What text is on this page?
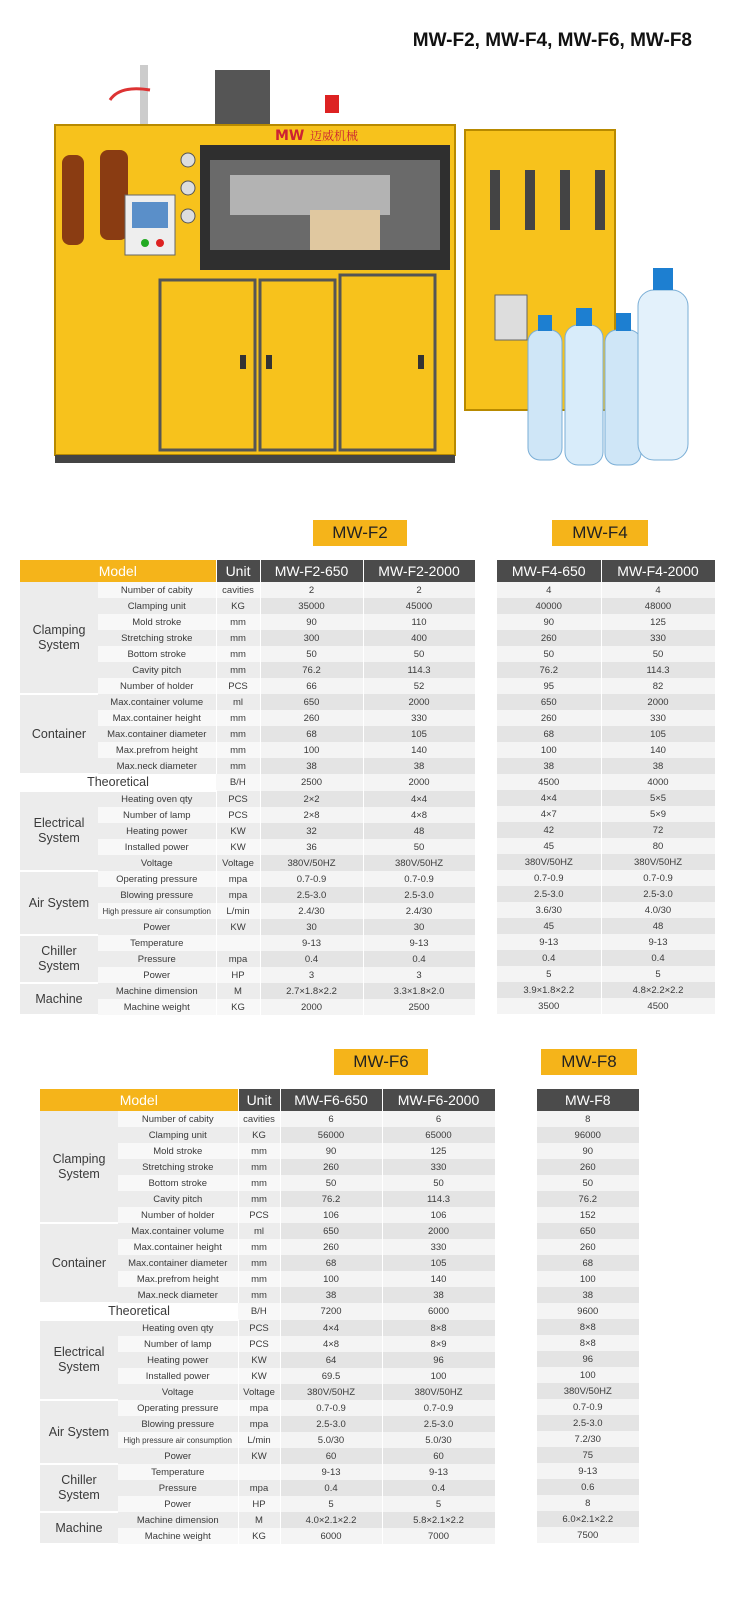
MW-F2, MW-F4, MW-F6, MW-F8
MW 迈威机械
MW-F2	MW-F4
MW-F6	MW-F8
Model		Unit	MW-F2-650	MW-F2-2000
Clamping System	Number of cabity	cavities	2	2
	Clamping unit	KG	35000	45000
	Mold stroke	mm	90	110
	Stretching stroke	mm	300	400
	Bottom stroke	mm	50	50
	Cavity pitch	mm	76.2	114.3
	Number of holder	PCS	66	52
Container	Max.container volume	ml	650	2000
	Max.container height	mm	260	330
	Max.container diameter	mm	68	105
	Max.prefrom height	mm	100	140
	Max.neck diameter	mm	38	38
Theoretical		B/H	2500	2000
Electrical System	Heating oven qty	PCS	2×2	4×4
	Number of lamp	PCS	2×8	4×8
	Heating power	KW	32	48
	Installed power	KW	36	50
	Voltage	Voltage	380V/50HZ	380V/50HZ
Air System	Operating pressure	mpa	0.7-0.9	0.7-0.9
	Blowing pressure	mpa	2.5-3.0	2.5-3.0
	High pressure air consumption	L/min	2.4/30	2.4/30
	Power	KW	30	30
Chiller System	Temperature		9-13	9-13
	Pressure	mpa	0.4	0.4
	Power	HP	3	3
Machine	Machine dimension	M	2.7×1.8×2.2	3.3×1.8×2.0
	Machine weight	KG	2000	2500
MW-F4-650	MW-F4-2000
4	4
40000	48000
90	125
260	330
50	50
76.2	114.3
95	82
650	2000
260	330
68	105
100	140
38	38
4500	4000
4×4	5×5
4×7	5×9
42	72
45	80
380V/50HZ	380V/50HZ
0.7-0.9	0.7-0.9
2.5-3.0	2.5-3.0
3.6/30	4.0/30
45	48
9-13	9-13
0.4	0.4
5	5
3.9×1.8×2.2	4.8×2.2×2.2
3500	4500
Model		Unit	MW-F6-650	MW-F6-2000
Clamping System	Number of cabity	cavities	6	6
	Clamping unit	KG	56000	65000
	Mold stroke	mm	90	125
	Stretching stroke	mm	260	330
	Bottom stroke	mm	50	50
	Cavity pitch	mm	76.2	114.3
	Number of holder	PCS	106	106
Container	Max.container volume	ml	650	2000
	Max.container height	mm	260	330
	Max.container diameter	mm	68	105
	Max.prefrom height	mm	100	140
	Max.neck diameter	mm	38	38
Theoretical		B/H	7200	6000
Electrical System	Heating oven qty	PCS	4×4	8×8
	Number of lamp	PCS	4×8	8×9
	Heating power	KW	64	96
	Installed power	KW	69.5	100
	Voltage	Voltage	380V/50HZ	380V/50HZ
Air System	Operating pressure	mpa	0.7-0.9	0.7-0.9
	Blowing pressure	mpa	2.5-3.0	2.5-3.0
	High pressure air consumption	L/min	5.0/30	5.0/30
	Power	KW	60	60
Chiller System	Temperature		9-13	9-13
	Pressure	mpa	0.4	0.4
	Power	HP	5	5
Machine	Machine dimension	M	4.0×2.1×2.2	5.8×2.1×2.2
	Machine weight	KG	6000	7000
MW-F8
8
96000
90
260
50
76.2
152
650
260
68
100
38
9600
8×8
8×8
96
100
380V/50HZ
0.7-0.9
2.5-3.0
7.2/30
75
9-13
0.6
8
6.0×2.1×2.2
7500
